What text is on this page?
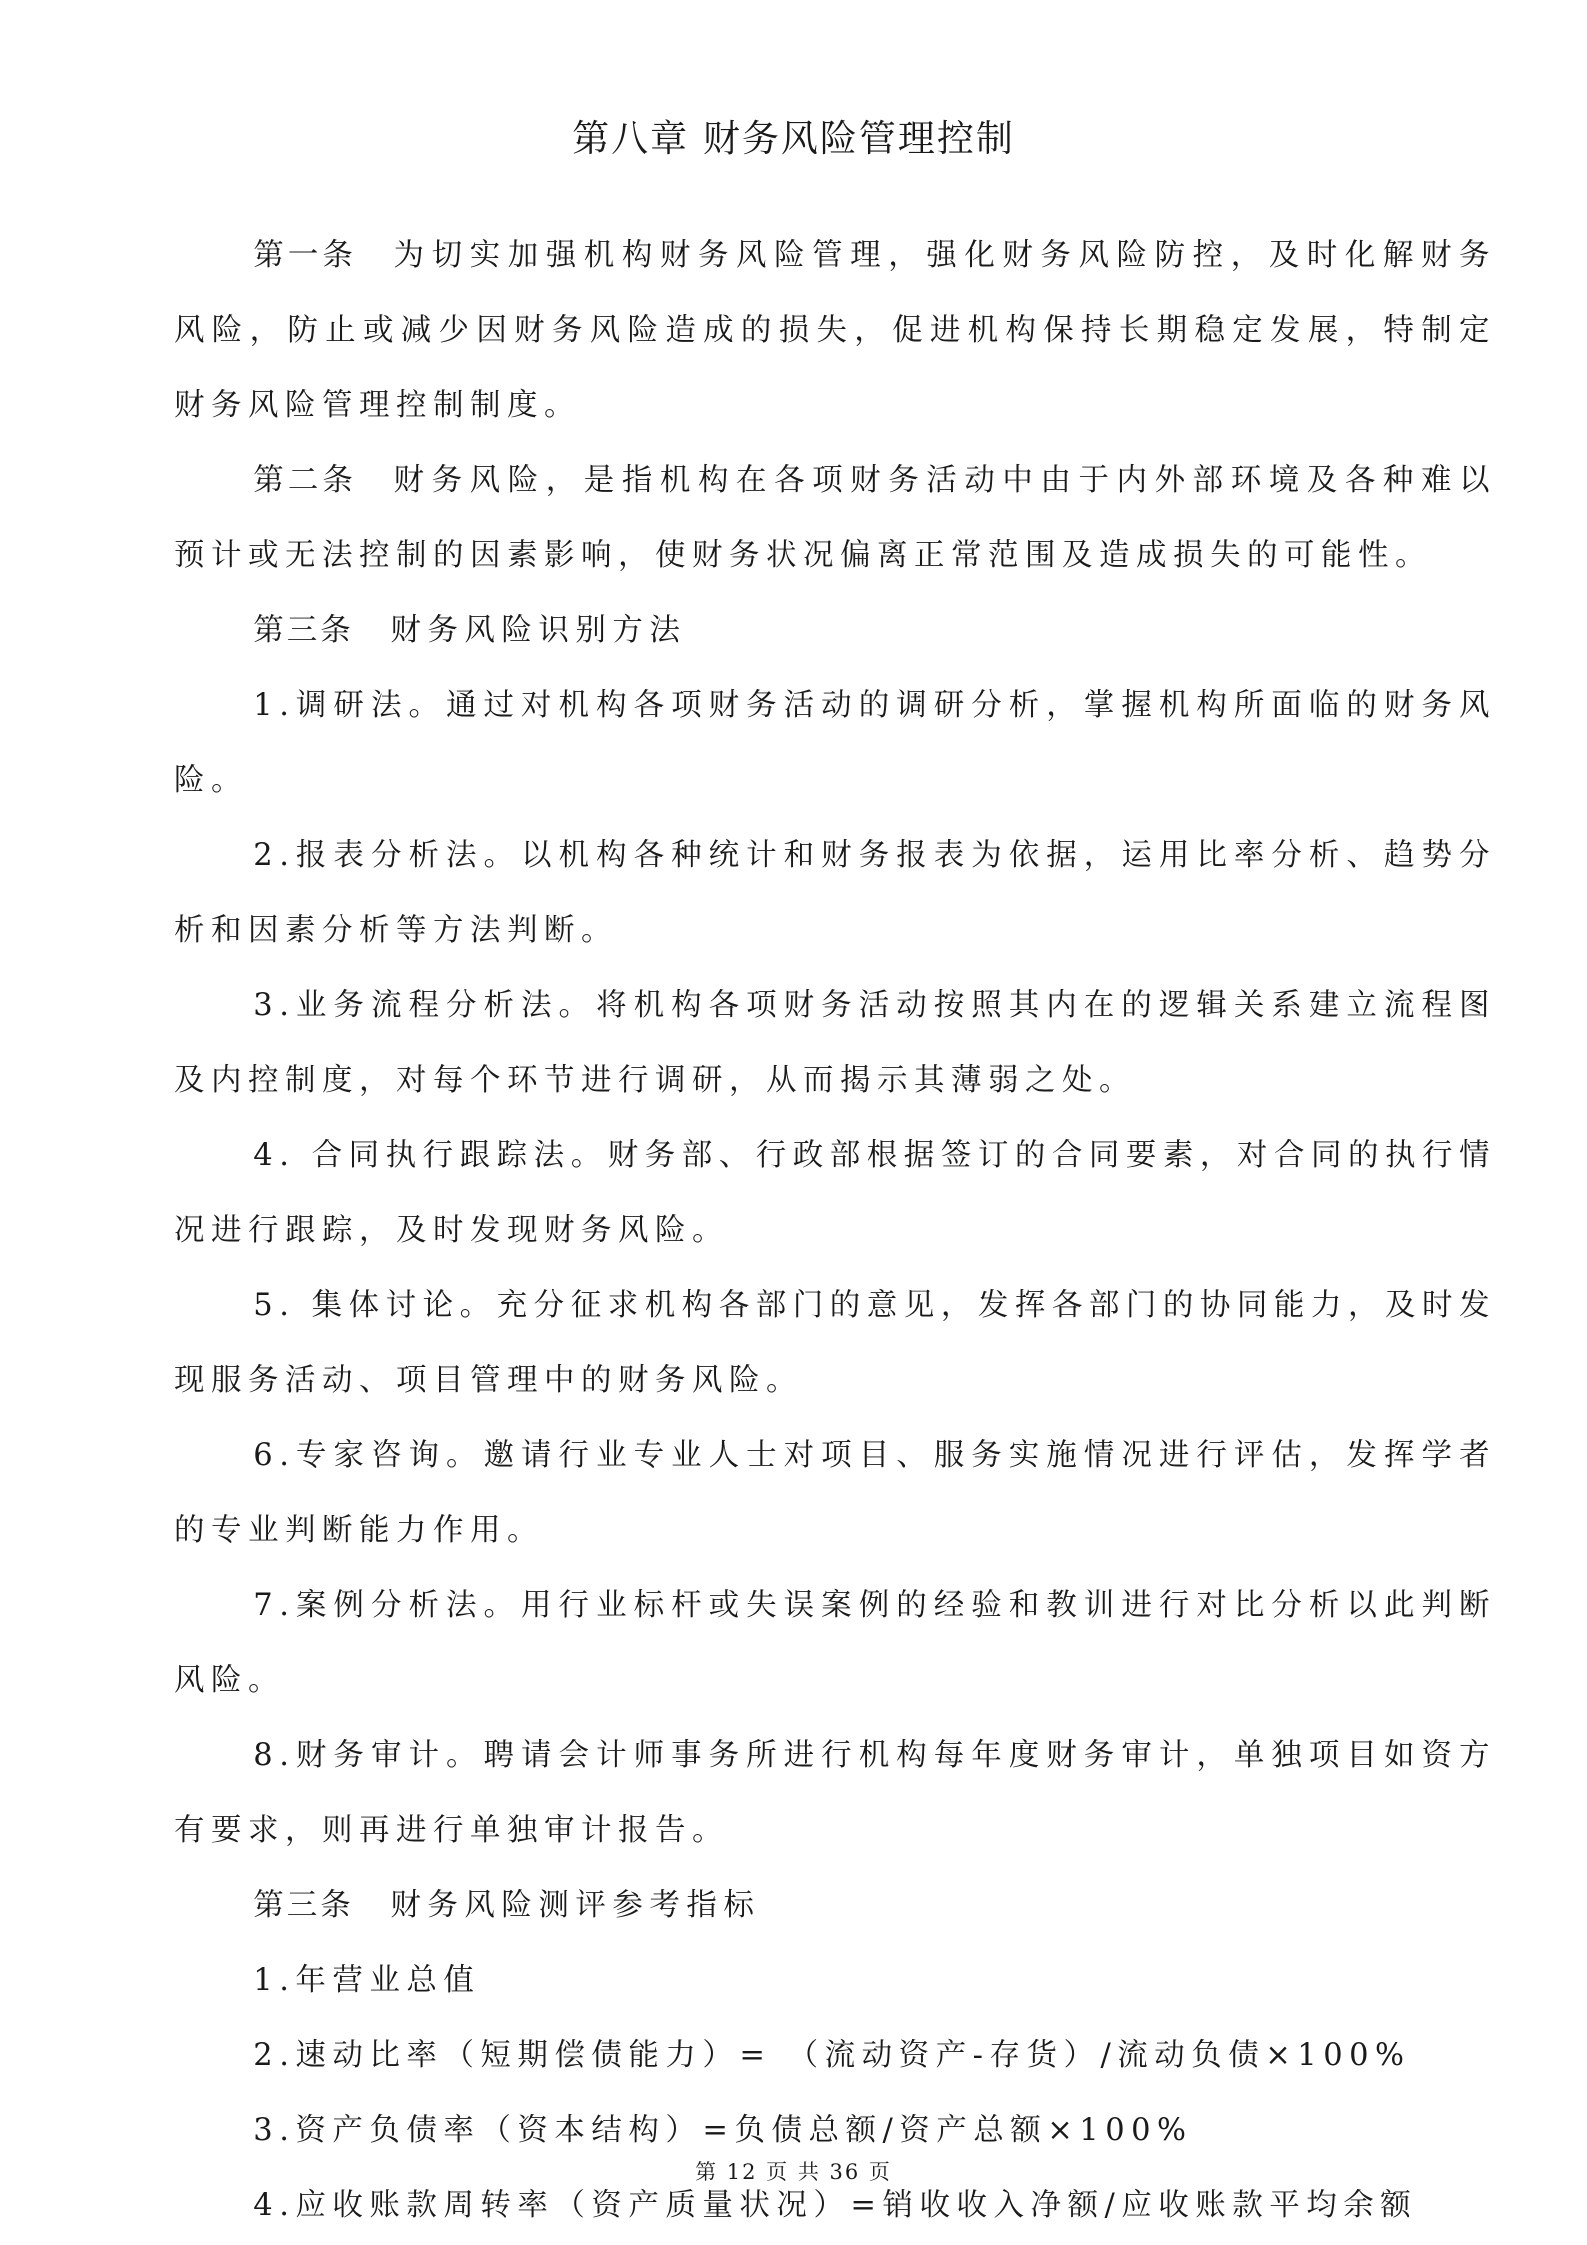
第八章 财务风险管理控制

第一条 为切实加强机构财务风险管理，强化财务风险防控，及时化解财务风险，防止或减少因财务风险造成的损失，促进机构保持长期稳定发展，特制定财务风险管理控制制度。

第二条 财务风险，是指机构在各项财务活动中由于内外部环境及各种难以预计或无法控制的因素影响，使财务状况偏离正常范围及造成损失的可能性。

第三条 财务风险识别方法

1.调研法。通过对机构各项财务活动的调研分析，掌握机构所面临的财务风险。

2.报表分析法。以机构各种统计和财务报表为依据，运用比率分析、趋势分析和因素分析等方法判断。

3.业务流程分析法。将机构各项财务活动按照其内在的逻辑关系建立流程图及内控制度，对每个环节进行调研，从而揭示其薄弱之处。

4. 合同执行跟踪法。财务部、行政部根据签订的合同要素，对合同的执行情况进行跟踪，及时发现财务风险。

5. 集体讨论。充分征求机构各部门的意见，发挥各部门的协同能力，及时发现服务活动、项目管理中的财务风险。

6.专家咨询。邀请行业专业人士对项目、服务实施情况进行评估，发挥学者的专业判断能力作用。

7.案例分析法。用行业标杆或失误案例的经验和教训进行对比分析以此判断风险。

8.财务审计。聘请会计师事务所进行机构每年度财务审计，单独项目如资方有要求，则再进行单独审计报告。

第三条 财务风险测评参考指标

1.年营业总值

2.速动比率（短期偿债能力）= （流动资产-存货）/流动负债×100%

3.资产负债率（资本结构）=负债总额/资产总额×100%

4.应收账款周转率（资产质量状况）=销收收入净额/应收账款平均余额

第 12 页 共 36 页
